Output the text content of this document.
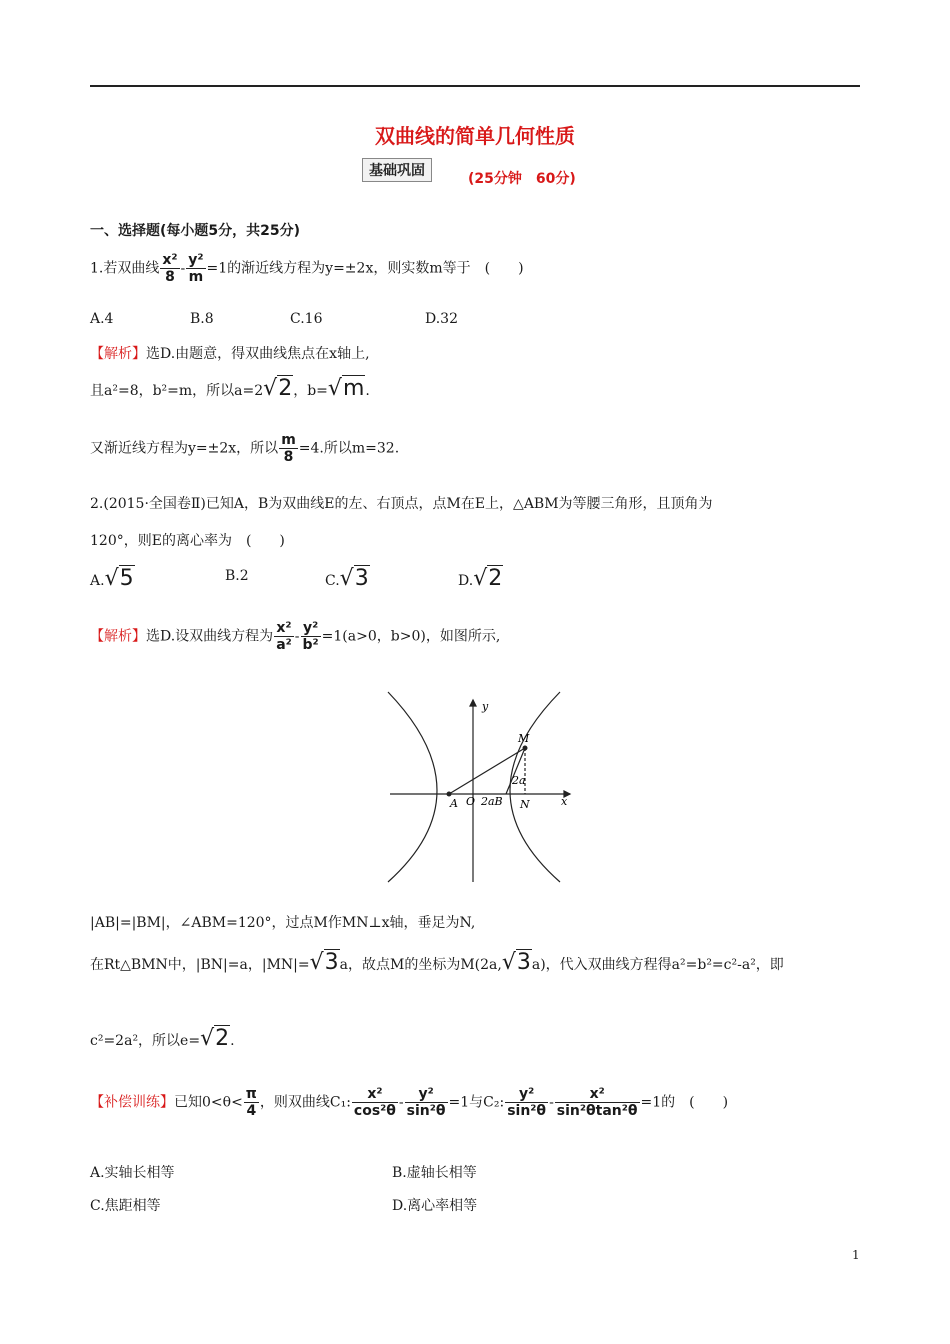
双曲线的简单几何性质
基础巩固	(25分钟　60分)
一、选择题(每小题5分，共25分)
1.若双曲线 $\frac{\text{x²}}{8} - \frac{\text{y²}}{m} =1$的渐近线方程为y=±2x，则实数m等于　(　　)
A.4	B.8	C.16	D.32
【解析】选D.由题意，得双曲线焦点在x轴上,
且a²=8，b²=m，所以a=2√2，b=√m.
又渐近线方程为y=±2x，所以 $\frac{m}{8} =4$.所以m=32.
2.(2015·全国卷Ⅱ)已知A，B为双曲线E的左、右顶点，点M在E上，△ABM为等腰三角形，且顶角为
120°，则E的离心率为　(　　)
A.√5	B.2	C.√3	D.√2
【解析】选D.设双曲线方程为 $\frac{\text{x²}}{\text{a²}} - \frac{\text{y²}}{\text{b²}} =1(a>0$，b>0)，如图所示,
y
x
M
A O 2aB N
2a
|AB|=|BM|，∠ABM=120°，过点M作MN⊥x轴，垂足为N,
在Rt△BMN中，|BN|=a，|MN|=√3a，故点M的坐标为M(2a,√3a)，代入双曲线方程得a²=b²=c²-a²，即
c²=2a²，所以e=√2.
【补偿训练】已知$0<\theta< \frac{\pi}{4}$ ，则双曲线C₁: $\frac{\text{x²}}{\text{cos²θ}} - \frac{\text{y²}}{\text{sin²θ}} =1$与C₂: $\frac{\text{y²}}{\text{sin²θ}} - \frac{\text{x²}}{\text{sin²θtan²θ}} =1$的　(　　)
A.实轴长相等	B.虚轴长相等
C.焦距相等	D.离心率相等
1
